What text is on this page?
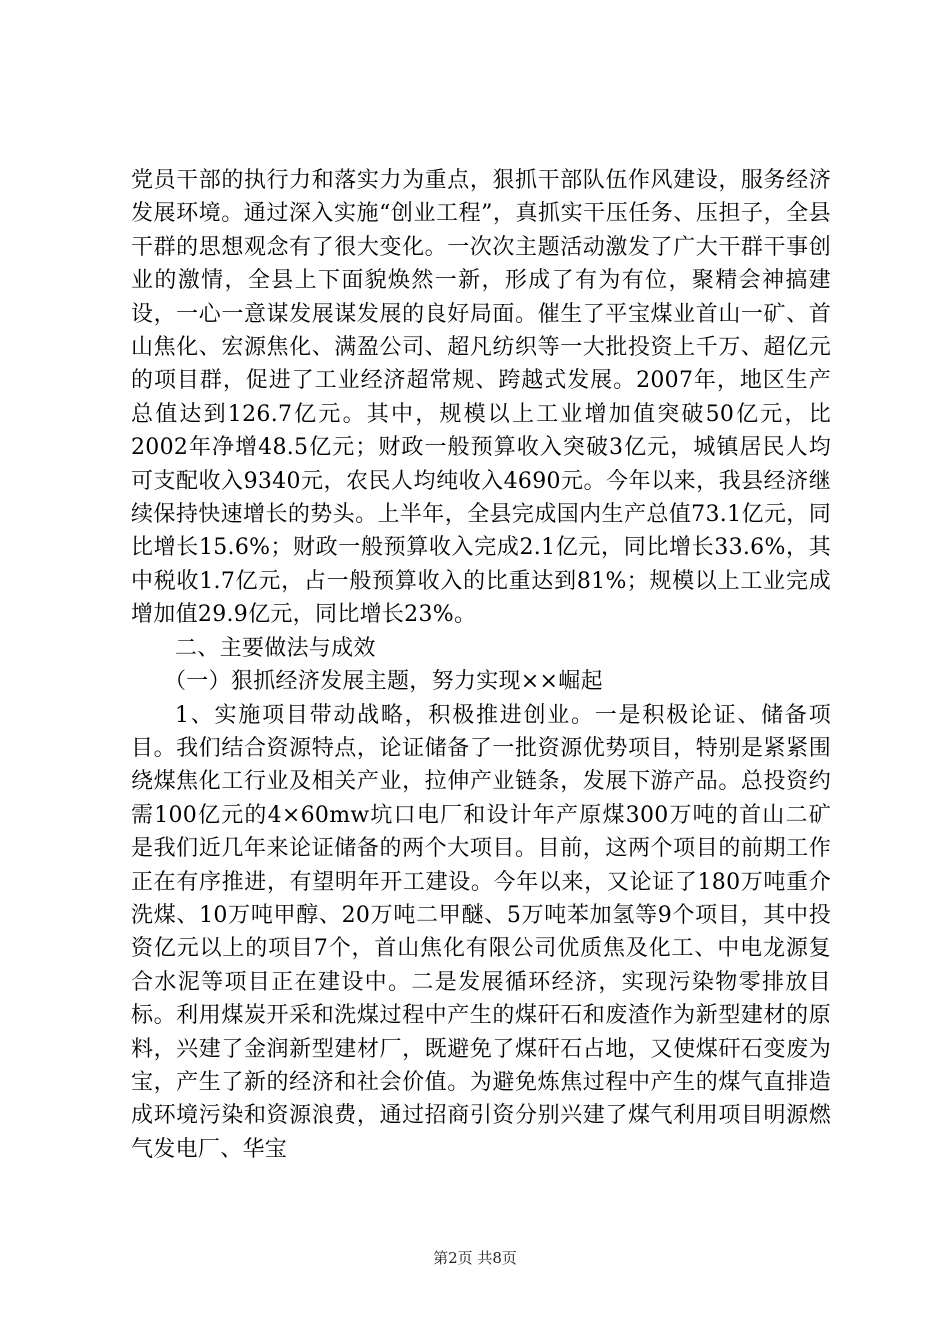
党员干部的执行力和落实力为重点，狠抓干部队伍作风建设，服务经济发展环境。通过深入实施“创业工程”，真抓实干压任务、压担子，全县干群的思想观念有了很大变化。一次次主题活动激发了广大干群干事创业的激情，全县上下面貌焕然一新，形成了有为有位，聚精会神搞建设，一心一意谋发展谋发展的良好局面。催生了平宝煤业首山一矿、首山焦化、宏源焦化、满盈公司、超凡纺织等一大批投资上千万、超亿元的项目群，促进了工业经济超常规、跨越式发展。2007年，地区生产总值达到126.7亿元。其中，规模以上工业增加值突破50亿元，比2002年净增48.5亿元；财政一般预算收入突破3亿元，城镇居民人均可支配收入9340元，农民人均纯收入4690元。今年以来，我县经济继续保持快速增长的势头。上半年，全县完成国内生产总值73.1亿元，同比增长15.6%；财政一般预算收入完成2.1亿元，同比增长33.6%，其中税收1.7亿元，占一般预算收入的比重达到81%；规模以上工业完成增加值29.9亿元，同比增长23%。

二、主要做法与成效

（一）狠抓经济发展主题，努力实现××崛起

1、实施项目带动战略，积极推进创业。一是积极论证、储备项目。我们结合资源特点，论证储备了一批资源优势项目，特别是紧紧围绕煤焦化工行业及相关产业，拉伸产业链条，发展下游产品。总投资约需100亿元的4×60mw坑口电厂和设计年产原煤300万吨的首山二矿是我们近几年来论证储备的两个大项目。目前，这两个项目的前期工作正在有序推进，有望明年开工建设。今年以来，又论证了180万吨重介洗煤、10万吨甲醇、20万吨二甲醚、5万吨苯加氢等9个项目，其中投资亿元以上的项目7个，首山焦化有限公司优质焦及化工、中电龙源复合水泥等项目正在建设中。二是发展循环经济，实现污染物零排放目标。利用煤炭开采和洗煤过程中产生的煤矸石和废渣作为新型建材的原料，兴建了金润新型建材厂，既避免了煤矸石占地，又使煤矸石变废为宝，产生了新的经济和社会价值。为避免炼焦过程中产生的煤气直排造成环境污染和资源浪费，通过招商引资分别兴建了煤气利用项目明源燃气发电厂、华宝

第2页 共8页
